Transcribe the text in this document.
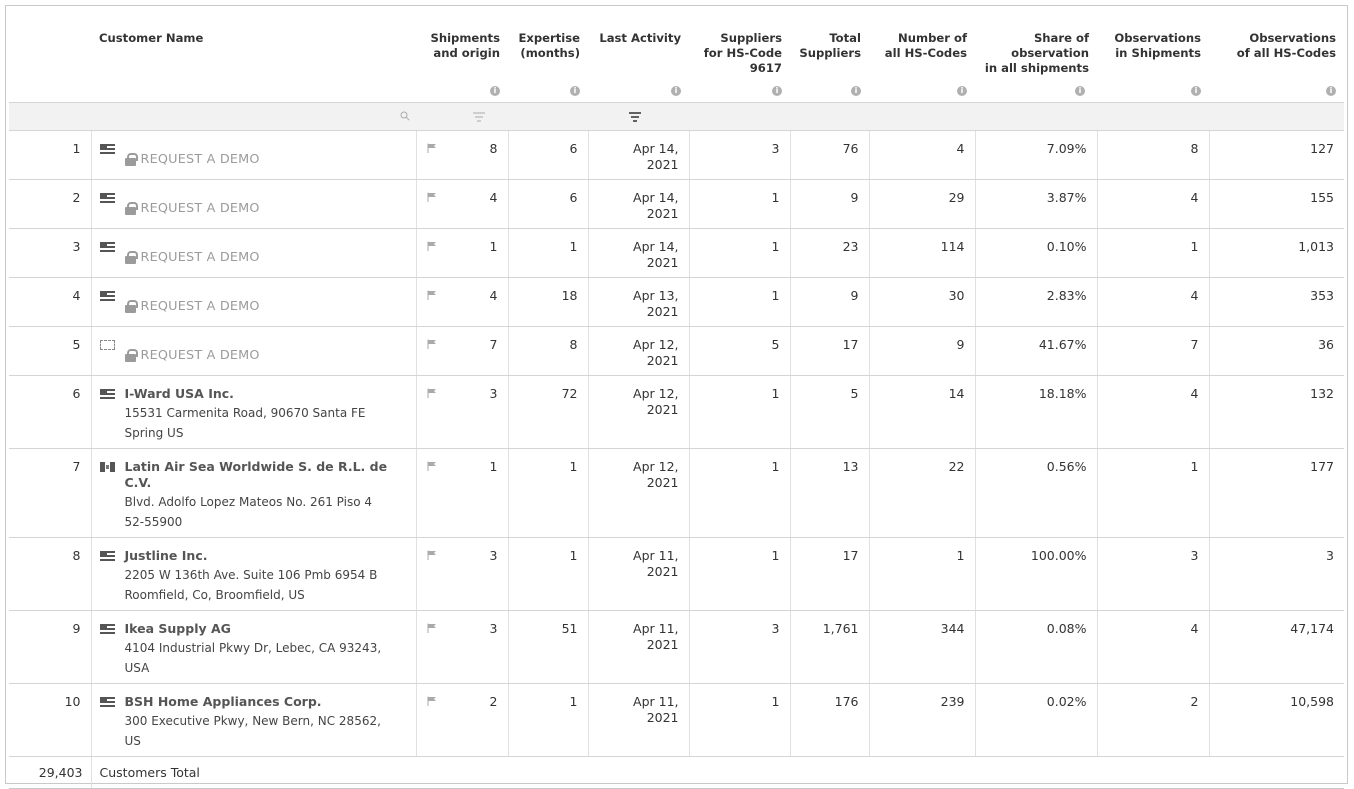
	Customer Name	Shipments
and origin
i	Expertise
(months)
i	Last Activity
i	Suppliers
for HS-Code
9617
i	Total
Suppliers
i	Number of
all HS-Codes
i	Share of
observation
in all shipments
i	Observations
in Shipments
i	Observations
of all HS-Codes
i

1	REQUEST A DEMO	8	6	Apr 14, 2021	3	76	4	7.09%	8	127
2	REQUEST A DEMO	4	6	Apr 14, 2021	1	9	29	3.87%	4	155
3	REQUEST A DEMO	1	1	Apr 14, 2021	1	23	114	0.10%	1	1,013
4	REQUEST A DEMO	4	18	Apr 13, 2021	1	9	30	2.83%	4	353
5	REQUEST A DEMO	7	8	Apr 12, 2021	5	17	9	41.67%	7	36
6	I-Ward USA Inc.
15531 Carmenita Road, 90670 Santa FE
Spring US	3	72	Apr 12, 2021	1	5	14	18.18%	4	132
7	Latin Air Sea Worldwide S. de R.L. de C.V.
Blvd. Adolfo Lopez Mateos No. 261 Piso 4
52-55900	1	1	Apr 12, 2021	1	13	22	0.56%	1	177
8	Justline Inc.
2205 W 136th Ave. Suite 106 Pmb 6954 B
Roomfield, Co, Broomfield, US	3	1	Apr 11, 2021	1	17	1	100.00%	3	3
9	Ikea Supply AG
4104 Industrial Pkwy Dr, Lebec, CA 93243,
USA	3	51	Apr 11, 2021	3	1,761	344	0.08%	4	47,174
10	BSH Home Appliances Corp.
300 Executive Pkwy, New Bern, NC 28562,
US	2	1	Apr 11, 2021	1	176	239	0.02%	2	10,598
29,403	Customers Total									
